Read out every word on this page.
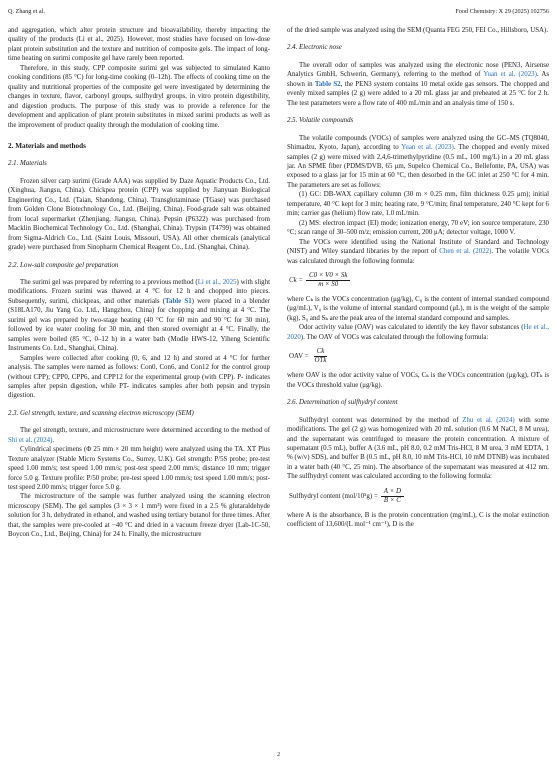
Q. Zhang et al.	Food Chemistry: X 29 (2025) 102756

and aggregation, which alter protein structure and bioavailability, thereby impacting the quality of the products (Li et al., 2025). However, most studies have focused on low-dose plant protein substitution and the texture and nutrition of composite gels. The impact of long-time heating on surimi composite gel have rarely been reported.

Therefore, in this study, CPP composite surimi gel was subjected to simulated Kanto cooking conditions (85 °C) for long-time cooking (0–12h). The effects of cooking time on the quality and nutritional properties of the composite gel were investigated by determining the changes in texture, flavor, carbonyl groups, sulfhydryl groups, in vitro protein digestibility, and digestion products. The purpose of this study was to provide a reference for the development and application of plant protein substitutes in mixed surimi products as well as the improvement of product quality through the modulation of cooking time.

2. Materials and methods
2.1. Materials

Frozen silver carp surimi (Grade AAA) was supplied by Daze Aquatic Products Co., Ltd. (Xinghua, Jiangsu, China). Chickpea protein (CPP) was supplied by Jianyuan Biological Engineering Co., Ltd. (Taian, Shandong, China). Transglutaminase (TGase) was purchased from Golden Clone Biotechnology Co., Ltd. (Beijing, China). Food-grade salt was obtained from local supermarket (Zhenjiang, Jiangsu, China). Pepsin (P6322) was purchased from Macklin Biochemical Technology Co., Ltd. (Shanghai, China). Trypsin (T4799) was obtained from Sigma-Aldrich Co., Ltd. (Saint Louis, Missouri, USA). All other chemicals (analytical grade) were purchased from Sinopharm Chemical Reagent Co., Ltd. (Shanghai, China).

2.2. Low-salt composite gel preparation

The surimi gel was prepared by referring to a previous method (Li et al., 2025) with slight modifications. Frozen surimi was thawed at 4 °C for 12 h and chopped into pieces. Subsequently, surimi, chickpeas, and other materials (Table S1) were placed in a blender (S18LA170, Jiu Yang Co. Ltd., Hangzhou, China) for chopping and mixing at 4 °C. The surimi gel was prepared by two-stage heating (40 °C for 60 min and 90 °C for 30 min), followed by ice water cooling for 30 min, and then stored overnight at 4 °C. Finally, the samples were boiled (85 °C, 0–12 h) in a water bath (Modle HWS-12, Yiheng Scientific Instruments Co. Ltd., Shanghai, China).

Samples were collected after cooking (0, 6, and 12 h) and stored at 4 °C for further analysis. The samples were named as follows: Con0, Con6, and Con12 for the control group (without CPP); CPP0, CPP6, and CPP12 for the experimental group (with CPP). P- indicates samples after pepsin digestion, while PT- indicates samples after both pepsin and trypsin digestion.

2.3. Gel strength, texture, and scanning electron microscopy (SEM)

The gel strength, texture, and microstructure were determined according to the method of Shi et al. (2024).

Cylindrical specimens (Φ 25 mm × 20 mm height) were analyzed using the TA. XT Plus Texture analyzer (Stable Micro Systems Co., Surrey, U.K). Gel strength: P/5S probe; pre-test speed 1.00 mm/s; test speed 1.00 mm/s; post-test speed 2.00 mm/s; distance 10 mm; trigger force 5.0 g. Texture profile: P/50 probe; pre-test speed 1.00 mm/s; test speed 1.00 mm/s; post-test speed 2.00 mm/s; trigger force 5.0 g.

The microstructure of the sample was further analyzed using the scanning electron microscopy (SEM). The gel samples (3 × 3 × 1 mm³) were fixed in a 2.5 % glutaraldehyde solution for 3 h, dehydrated in ethanol, and washed using tertiary butanol for three times. After that, the samples were pre-cooled at −40 °C and dried in a vacuum freeze dryer (Lab-1C-50, Boycon Co., Ltd., Beijing, China) for 24 h. Finally, the microstructure

of the dried sample was analyzed using the SEM (Quanta FEG 250, FEI Co., Hillsboro, USA).

2.4. Electronic nose

The overall odor of samples was analyzed using the electronic nose (PEN3, Airsense Analytics GmbH, Schwerin, Germany), referring to the method of Yuan et al. (2023). As shown in Table S2, the PEN3 system contains 10 metal oxide gas sensors. The chopped and evenly mixed samples (2 g) were added to a 20 mL glass jar and preheated at 25 °C for 2 h. The test parameters were a flow rate of 400 mL/min and an analysis time of 150 s.

2.5. Volatile compounds

The volatile compounds (VOCs) of samples were analyzed using the GC–MS (TQ8040, Shimadzu, Kyoto, Japan), according to Yuan et al. (2023). The chopped and evenly mixed samples (2 g) were mixed with 2,4,6-trimethylpyridine (0.5 mL, 100 mg/L) in a 20 mL glass jar. An SPME fiber (PDMS/DVB, 65 μm, Supelco Chemical Co., Bellefonte, PA, USA) was exposed to a glass jar for 15 min at 60 °C, then desorbed in the GC inlet at 250 °C for 4 min. The parameters are set as follows:

(1) GC: DB-WAX capillary column (30 m × 0.25 mm, film thickness 0.25 μm); initial temperature, 40 °C kept for 3 min; heating rate, 9 °C/min; final temperature, 240 °C kept for 6 min; carrier gas (helium) flow rate, 1.0 mL/min.

(2) MS: electron impact (EI) mode; ionization energy, 70 eV; ion source temperature, 230 °C; scan range of 30–500 m/z; emission current, 200 μA; detector voltage, 1000 V.

The VOCs were identified using the National Institute of Standard and Technology (NIST) and Wiley standard libraries by the report of Chen et al. (2022). The volatile VOCs was calculated through the following formula:

$Ck = \frac{C0 \times V0 \times Sk}{m \times S0}$

where Cₖ is the VOCs concentration (μg/kg), C₀ is the content of internal standard compound (μg/mL), V₀ is the volume of internal standard compound (μL), m is the weight of the sample (kg), S₀ and Sₖ are the peak area of the internal standard compound and samples.

Odor activity value (OAV) was calculated to identify the key flavor substances (He et al., 2020). The OAV of VOCs was calculated through the following formula:

OAV = $\frac{Ck}{\text{OTk}}$

where OAV is the odor activity value of VOCs, Cₖ is the VOCs concentration (μg/kg), OTₖ is the VOCs threshold value (μg/kg).

2.6. Determination of sulfhydryl content

Sulfhydryl content was determined by the method of Zhu et al. (2024) with some modifications. The gel (2 g) was homogenized with 20 mL solution (0.6 M NaCl, 8 M urea), and the supernatant was centrifuged to measure the protein concentration. A mixture of supernatant (0.5 mL), buffer A (3.6 mL, pH 8.0, 0.2 mM Tris-HCl, 8 M urea, 3 mM EDTA, 1 % (w/v) SDS), and buffer B (0.5 mL, pH 8.0, 10 mM Tris-HCl, 10 mM DTNB) was incubated in a water bath (40 °C, 25 min). The absorbance of the supernatant was measured at 412 nm. The sulfhydryl content was calculated according to the following formula:

Sulfhydryl content $(mol/10^5g) = \frac{A \times D}{B \times C}$

where A is the absorbance, B is the protein concentration (mg/mL), C is the molar extinction coefficient of 13,600/(L mol⁻¹ cm⁻¹), D is the

2
